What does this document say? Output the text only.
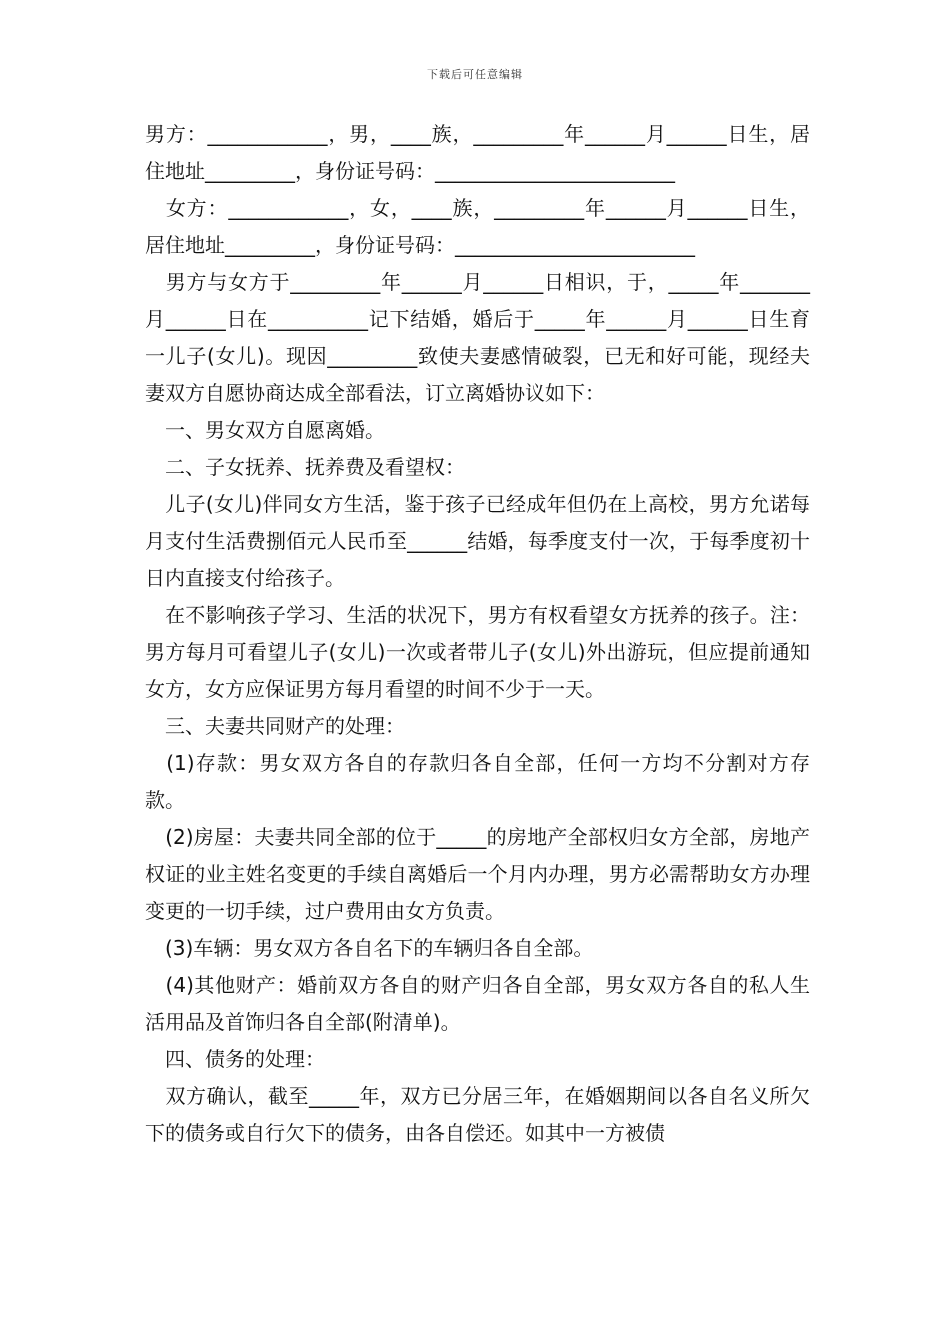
下载后可任意编辑

男方：____________，男，____族，_________年______月______日生，居住地址_________，身份证号码：________________________

　女方：____________，女，____族，_________年______月______日生，居住地址_________，身份证号码：________________________

　男方与女方于_________年______月______日相识，于，_____年_______月______日在__________记下结婚，婚后于_____年______月______日生育一儿子(女儿)。现因_________致使夫妻感情破裂，已无和好可能，现经夫妻双方自愿协商达成全部看法，订立离婚协议如下：

　一、男女双方自愿离婚。

　二、子女抚养、抚养费及看望权：

　儿子(女儿)伴同女方生活，鉴于孩子已经成年但仍在上高校，男方允诺每月支付生活费捌佰元人民币至______结婚，每季度支付一次，于每季度初十日内直接支付给孩子。

　在不影响孩子学习、生活的状况下，男方有权看望女方抚养的孩子。注：男方每月可看望儿子(女儿)一次或者带儿子(女儿)外出游玩，但应提前通知女方，女方应保证男方每月看望的时间不少于一天。

　三、夫妻共同财产的处理：

　(1)存款：男女双方各自的存款归各自全部，任何一方均不分割对方存款。

　(2)房屋：夫妻共同全部的位于_____的房地产全部权归女方全部，房地产权证的业主姓名变更的手续自离婚后一个月内办理，男方必需帮助女方办理变更的一切手续，过户费用由女方负责。

　(3)车辆：男女双方各自名下的车辆归各自全部。

　(4)其他财产：婚前双方各自的财产归各自全部，男女双方各自的私人生活用品及首饰归各自全部(附清单)。

　四、债务的处理：

　双方确认，截至_____年，双方已分居三年，在婚姻期间以各自名义所欠下的债务或自行欠下的债务，由各自偿还。如其中一方被债
